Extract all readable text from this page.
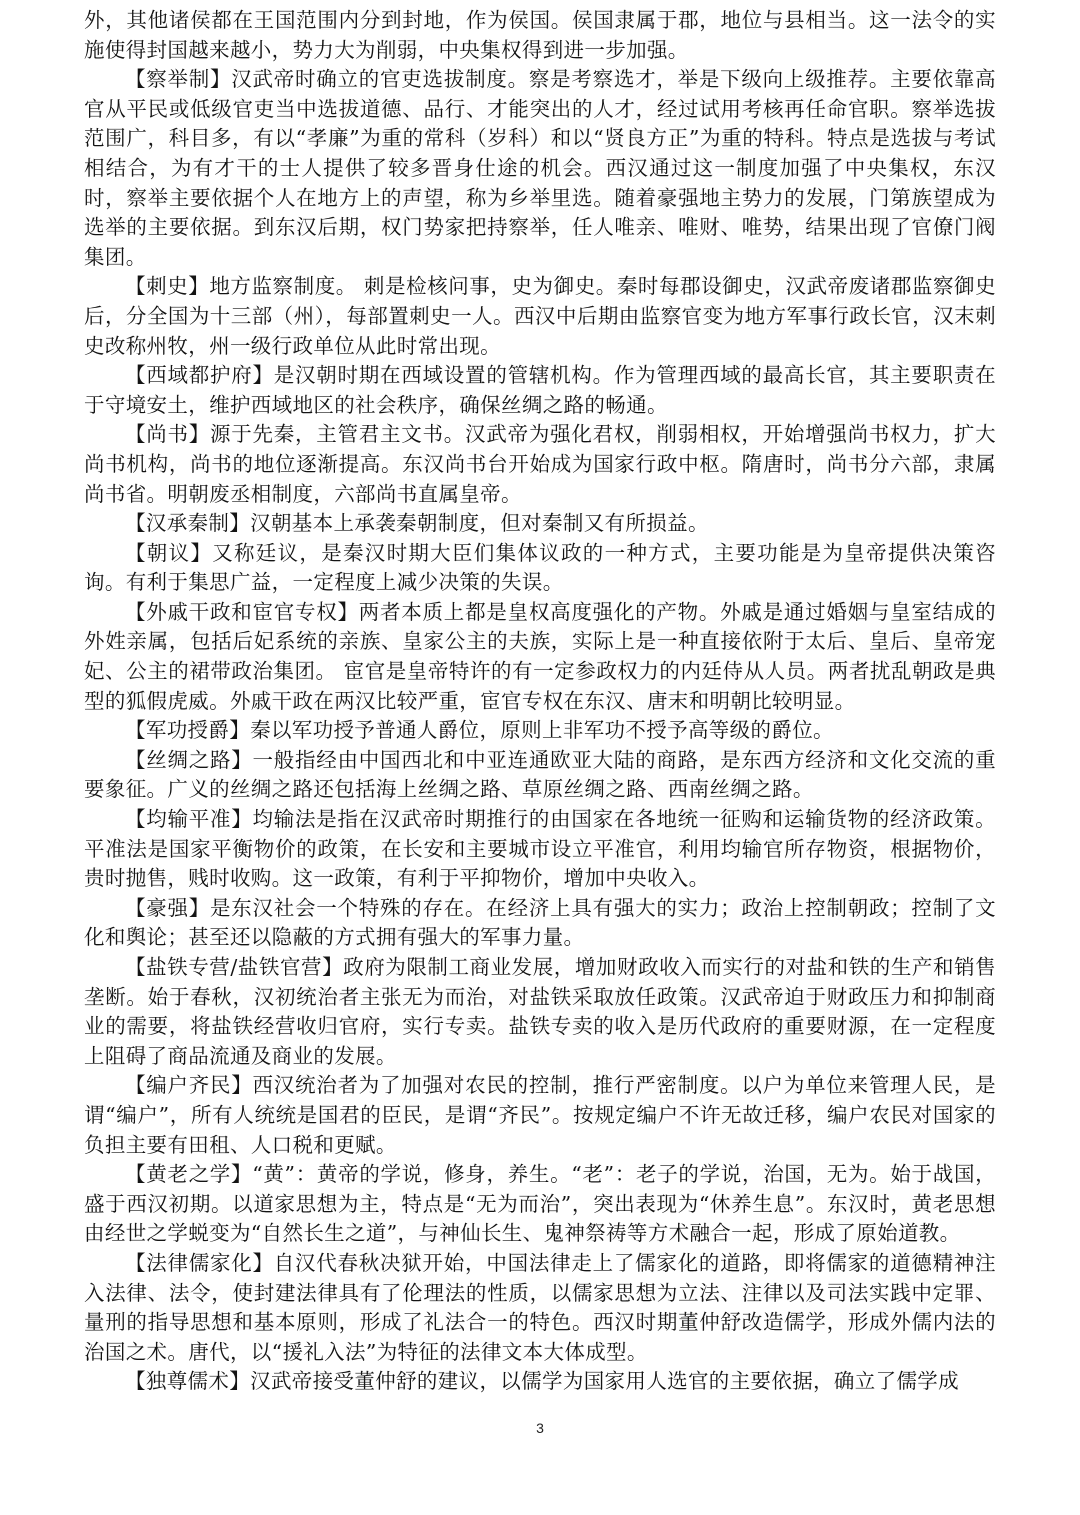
外，其他诸侯都在王国范围内分到封地，作为侯国。侯国隶属于郡，地位与县相当。这一法令的实施使得封国越来越小，势力大为削弱，中央集权得到进一步加强。

【察举制】汉武帝时确立的官吏选拔制度。察是考察选才，举是下级向上级推荐。主要依靠高官从平民或低级官吏当中选拔道德、品行、才能突出的人才，经过试用考核再任命官职。察举选拔范围广，科目多，有以“孝廉”为重的常科（岁科）和以“贤良方正”为重的特科。特点是选拔与考试相结合，为有才干的士人提供了较多晋身仕途的机会。西汉通过这一制度加强了中央集权，东汉时，察举主要依据个人在地方上的声望，称为乡举里选。随着豪强地主势力的发展，门第族望成为选举的主要依据。到东汉后期，权门势家把持察举，任人唯亲、唯财、唯势，结果出现了官僚门阀集团。

【刺史】地方监察制度。 刺是检核问事，史为御史。秦时每郡设御史，汉武帝废诸郡监察御史后，分全国为十三部（州），每部置刺史一人。西汉中后期由监察官变为地方军事行政长官，汉末刺史改称州牧，州一级行政单位从此时常出现。

【西域都护府】是汉朝时期在西域设置的管辖机构。作为管理西域的最高长官，其主要职责在于守境安土，维护西域地区的社会秩序，确保丝绸之路的畅通。

【尚书】源于先秦，主管君主文书。汉武帝为强化君权，削弱相权，开始增强尚书权力，扩大尚书机构，尚书的地位逐渐提高。东汉尚书台开始成为国家行政中枢。隋唐时，尚书分六部，隶属尚书省。明朝废丞相制度，六部尚书直属皇帝。

【汉承秦制】汉朝基本上承袭秦朝制度，但对秦制又有所损益。

【朝议】又称廷议，是秦汉时期大臣们集体议政的一种方式，主要功能是为皇帝提供决策咨询。有利于集思广益，一定程度上减少决策的失误。

【外戚干政和宦官专权】两者本质上都是皇权高度强化的产物。外戚是通过婚姻与皇室结成的外姓亲属，包括后妃系统的亲族、皇家公主的夫族，实际上是一种直接依附于太后、皇后、皇帝宠妃、公主的裙带政治集团。 宦官是皇帝特许的有一定参政权力的内廷侍从人员。两者扰乱朝政是典型的狐假虎威。外戚干政在两汉比较严重，宦官专权在东汉、唐末和明朝比较明显。

【军功授爵】秦以军功授予普通人爵位，原则上非军功不授予高等级的爵位。

【丝绸之路】一般指经由中国西北和中亚连通欧亚大陆的商路，是东西方经济和文化交流的重要象征。广义的丝绸之路还包括海上丝绸之路、草原丝绸之路、西南丝绸之路。

【均输平准】均输法是指在汉武帝时期推行的由国家在各地统一征购和运输货物的经济政策。平准法是国家平衡物价的政策，在长安和主要城市设立平准官，利用均输官所存物资，根据物价，贵时抛售，贱时收购。这一政策，有利于平抑物价，增加中央收入。

【豪强】是东汉社会一个特殊的存在。在经济上具有强大的实力；政治上控制朝政；控制了文化和舆论；甚至还以隐蔽的方式拥有强大的军事力量。

【盐铁专营/盐铁官营】政府为限制工商业发展，增加财政收入而实行的对盐和铁的生产和销售垄断。始于春秋，汉初统治者主张无为而治，对盐铁采取放任政策。汉武帝迫于财政压力和抑制商业的需要，将盐铁经营收归官府，实行专卖。盐铁专卖的收入是历代政府的重要财源，在一定程度上阻碍了商品流通及商业的发展。

【编户齐民】西汉统治者为了加强对农民的控制，推行严密制度。以户为单位来管理人民，是谓“编户”，所有人统统是国君的臣民，是谓“齐民”。按规定编户不许无故迁移，编户农民对国家的负担主要有田租、人口税和更赋。

【黄老之学】“黄”：黄帝的学说，修身，养生。“老”：老子的学说，治国，无为。始于战国，盛于西汉初期。以道家思想为主，特点是“无为而治”，突出表现为“休养生息”。东汉时，黄老思想由经世之学蜕变为“自然长生之道”，与神仙长生、鬼神祭祷等方术融合一起，形成了原始道教。

【法律儒家化】自汉代春秋决狱开始，中国法律走上了儒家化的道路，即将儒家的道德精神注入法律、法令，使封建法律具有了伦理法的性质，以儒家思想为立法、注律以及司法实践中定罪、量刑的指导思想和基本原则，形成了礼法合一的特色。西汉时期董仲舒改造儒学，形成外儒内法的治国之术。唐代，以“援礼入法”为特征的法律文本大体成型。

【独尊儒术】汉武帝接受董仲舒的建议，以儒学为国家用人选官的主要依据，确立了儒学成

3
